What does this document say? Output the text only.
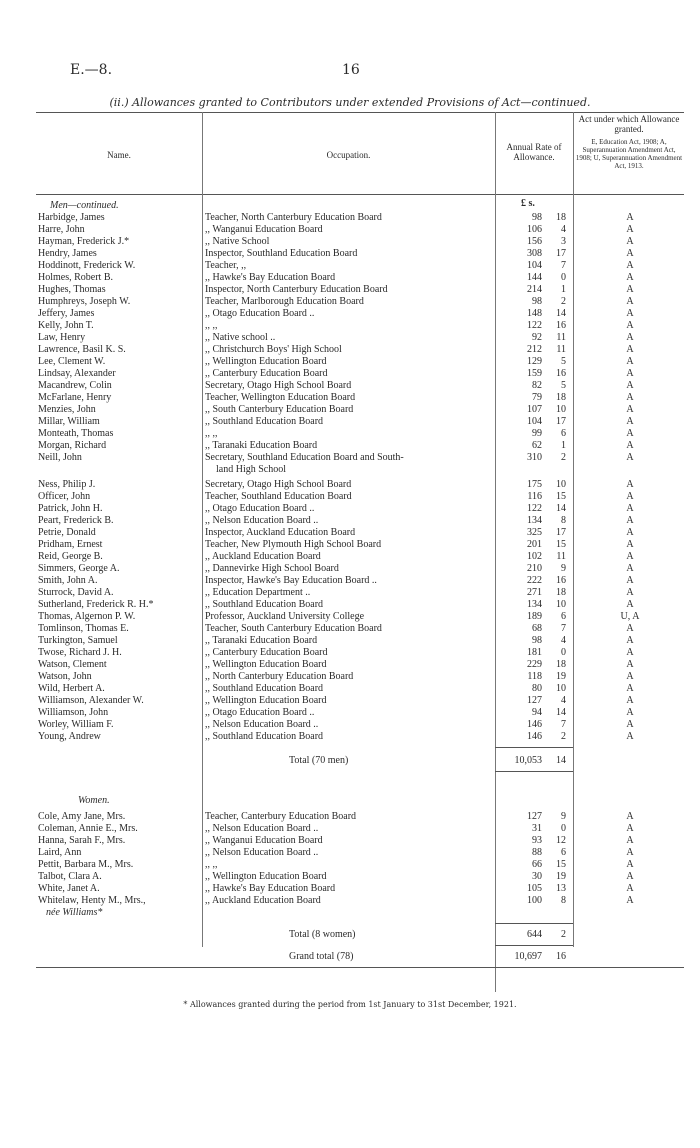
E.—8.	16
(ii.) Allowances granted to Contributors under extended Provisions of Act—continued.
Name.	Occupation.
Annual Rate of Allowance.
Act under which Allowance granted.
E, Education Act, 1908; A, Superannuation Amendment Act, 1908; U, Superannuation Amendment Act, 1913.
£ s.
Men—continued.
Harbidge, James	Teacher, North Canterbury Education Board	98	18	A
Harre, John	,, Wanganui Education Board	106	4	A
Hayman, Frederick J.*	,, Native School	156	3	A
Hendry, James	Inspector, Southland Education Board	308	17	A
Hoddinott, Frederick W.	Teacher, ,,	104	7	A
Holmes, Robert B.	,, Hawke's Bay Education Board	144	0	A
Hughes, Thomas	Inspector, North Canterbury Education Board	214	1	A
Humphreys, Joseph W.	Teacher, Marlborough Education Board	98	2	A
Jeffery, James	,, Otago Education Board ..	148	14	A
Kelly, John T.	,, ,,	122	16	A
Law, Henry	,, Native school ..	92	11	A
Lawrence, Basil K. S.	,, Christchurch Boys' High School	212	11	A
Lee, Clement W.	,, Wellington Education Board	129	5	A
Lindsay, Alexander	,, Canterbury Education Board	159	16	A
Macandrew, Colin	Secretary, Otago High School Board	82	5	A
McFarlane, Henry	Teacher, Wellington Education Board	79	18	A
Menzies, John	,, South Canterbury Education Board	107	10	A
Millar, William	,, Southland Education Board	104	17	A
Monteath, Thomas	,, ,,	99	6	A
Morgan, Richard	,, Taranaki Education Board	62	1	A
Neill, John	Secretary, Southland Education Board and South-	310	2	A
land High School
Ness, Philip J.	Secretary, Otago High School Board	175	10	A
Officer, John	Teacher, Southland Education Board	116	15	A
Patrick, John H.	,, Otago Education Board ..	122	14	A
Peart, Frederick B.	,, Nelson Education Board ..	134	8	A
Petrie, Donald	Inspector, Auckland Education Board	325	17	A
Pridham, Ernest	Teacher, New Plymouth High School Board	201	15	A
Reid, George B.	,, Auckland Education Board	102	11	A
Simmers, George A.	,, Dannevirke High School Board	210	9	A
Smith, John A.	Inspector, Hawke's Bay Education Board ..	222	16	A
Sturrock, David A.	,, Education Department ..	271	18	A
Sutherland, Frederick R. H.*	,, Southland Education Board	134	10	A
Thomas, Algernon P. W.	Professor, Auckland University College	189	6	U, A
Tomlinson, Thomas E.	Teacher, South Canterbury Education Board	68	7	A
Turkington, Samuel	,, Taranaki Education Board	98	4	A
Twose, Richard J. H.	,, Canterbury Education Board	181	0	A
Watson, Clement	,, Wellington Education Board	229	18	A
Watson, John	,, North Canterbury Education Board	118	19	A
Wild, Herbert A.	,, Southland Education Board	80	10	A
Williamson, Alexander W.	,, Wellington Education Board	127	4	A
Williamson, John	,, Otago Education Board ..	94	14	A
Worley, William F.	,, Nelson Education Board ..	146	7	A
Young, Andrew	,, Southland Education Board	146	2	A
Total (70 men)	10,053	14
Women.
Cole, Amy Jane, Mrs.	Teacher, Canterbury Education Board	127	9	A
Coleman, Annie E., Mrs.	,, Nelson Education Board ..	31	0	A
Hanna, Sarah F., Mrs.	,, Wanganui Education Board	93	12	A
Laird, Ann	,, Nelson Education Board ..	88	6	A
Pettit, Barbara M., Mrs.	,, ,,	66	15	A
Talbot, Clara A.	,, Wellington Education Board	30	19	A
White, Janet A.	,, Hawke's Bay Education Board	105	13	A
Whitelaw, Henty M., Mrs.,	,, Auckland Education Board	100	8	A
née Williams*
Total (8 women)	644	2
Grand total (78)	10,697	16
* Allowances granted during the period from 1st January to 31st December, 1921.
